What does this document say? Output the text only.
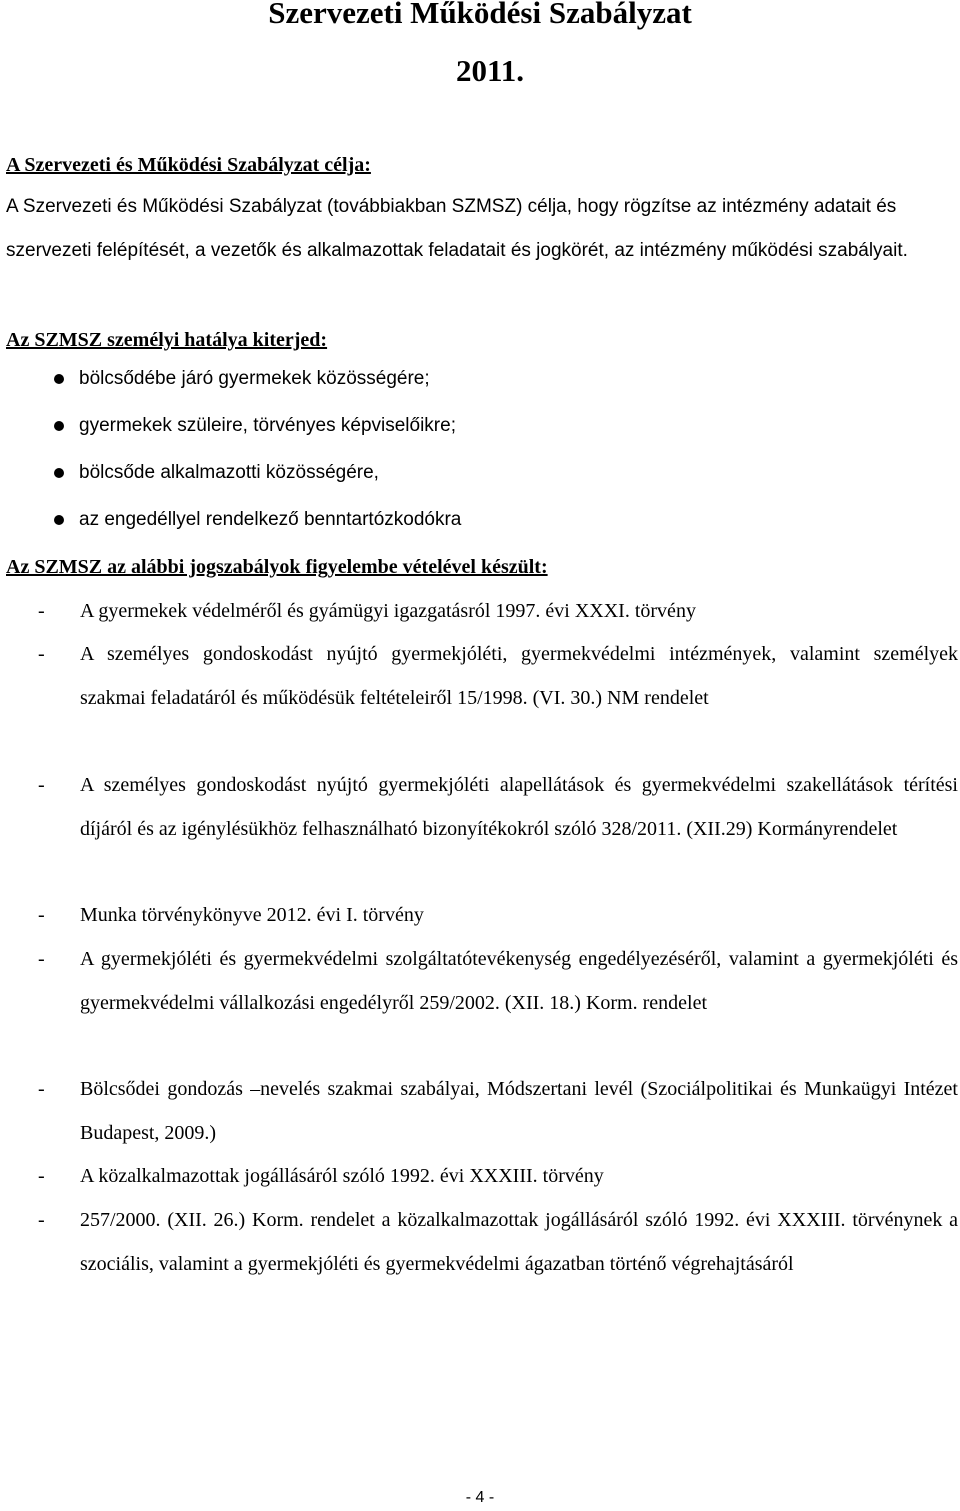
Szervezeti Működési Szabályzat
2011.
A Szervezeti és Működési Szabályzat célja:

A Szervezeti és Működési Szabályzat (továbbiakban SZMSZ) célja, hogy rögzítse az intézmény adatait és szervezeti felépítését, a vezetők és alkalmazottak feladatait és jogkörét, az intézmény működési szabályait.

Az SZMSZ személyi hatálya kiterjed:
bölcsődébe járó gyermekek közösségére;
gyermekek szüleire, törvényes képviselőikre;
bölcsőde alkalmazotti közösségére,
az engedéllyel rendelkező benntartózkodókra
Az SZMSZ az alábbi jogszabályok figyelembe vételével készült:
- A gyermekek védelméről és gyámügyi igazgatásról 1997. évi XXXI. törvény
- A személyes gondoskodást nyújtó gyermekjóléti, gyermekvédelmi intézmények, valamint személyek szakmai feladatáról és működésük feltételeiről 15/1998. (VI. 30.) NM rendelet
- A személyes gondoskodást nyújtó gyermekjóléti alapellátások és gyermekvédelmi szakellátások térítési díjáról és az igénylésükhöz felhasználható bizonyítékokról szóló 328/2011. (XII.29) Kormányrendelet
- Munka törvénykönyve 2012. évi I. törvény
- A gyermekjóléti és gyermekvédelmi szolgáltatótevékenység engedélyezéséről, valamint a gyermekjóléti és gyermekvédelmi vállalkozási engedélyről 259/2002. (XII. 18.) Korm. rendelet
- Bölcsődei gondozás –nevelés szakmai szabályai, Módszertani levél (Szociálpolitikai és Munkaügyi Intézet Budapest, 2009.)
- A közalkalmazottak jogállásáról szóló 1992. évi XXXIII. törvény
- 257/2000. (XII. 26.) Korm. rendelet a közalkalmazottak jogállásáról szóló 1992. évi XXXIII. törvénynek a szociális, valamint a gyermekjóléti és gyermekvédelmi ágazatban történő végrehajtásáról
- 4 -
